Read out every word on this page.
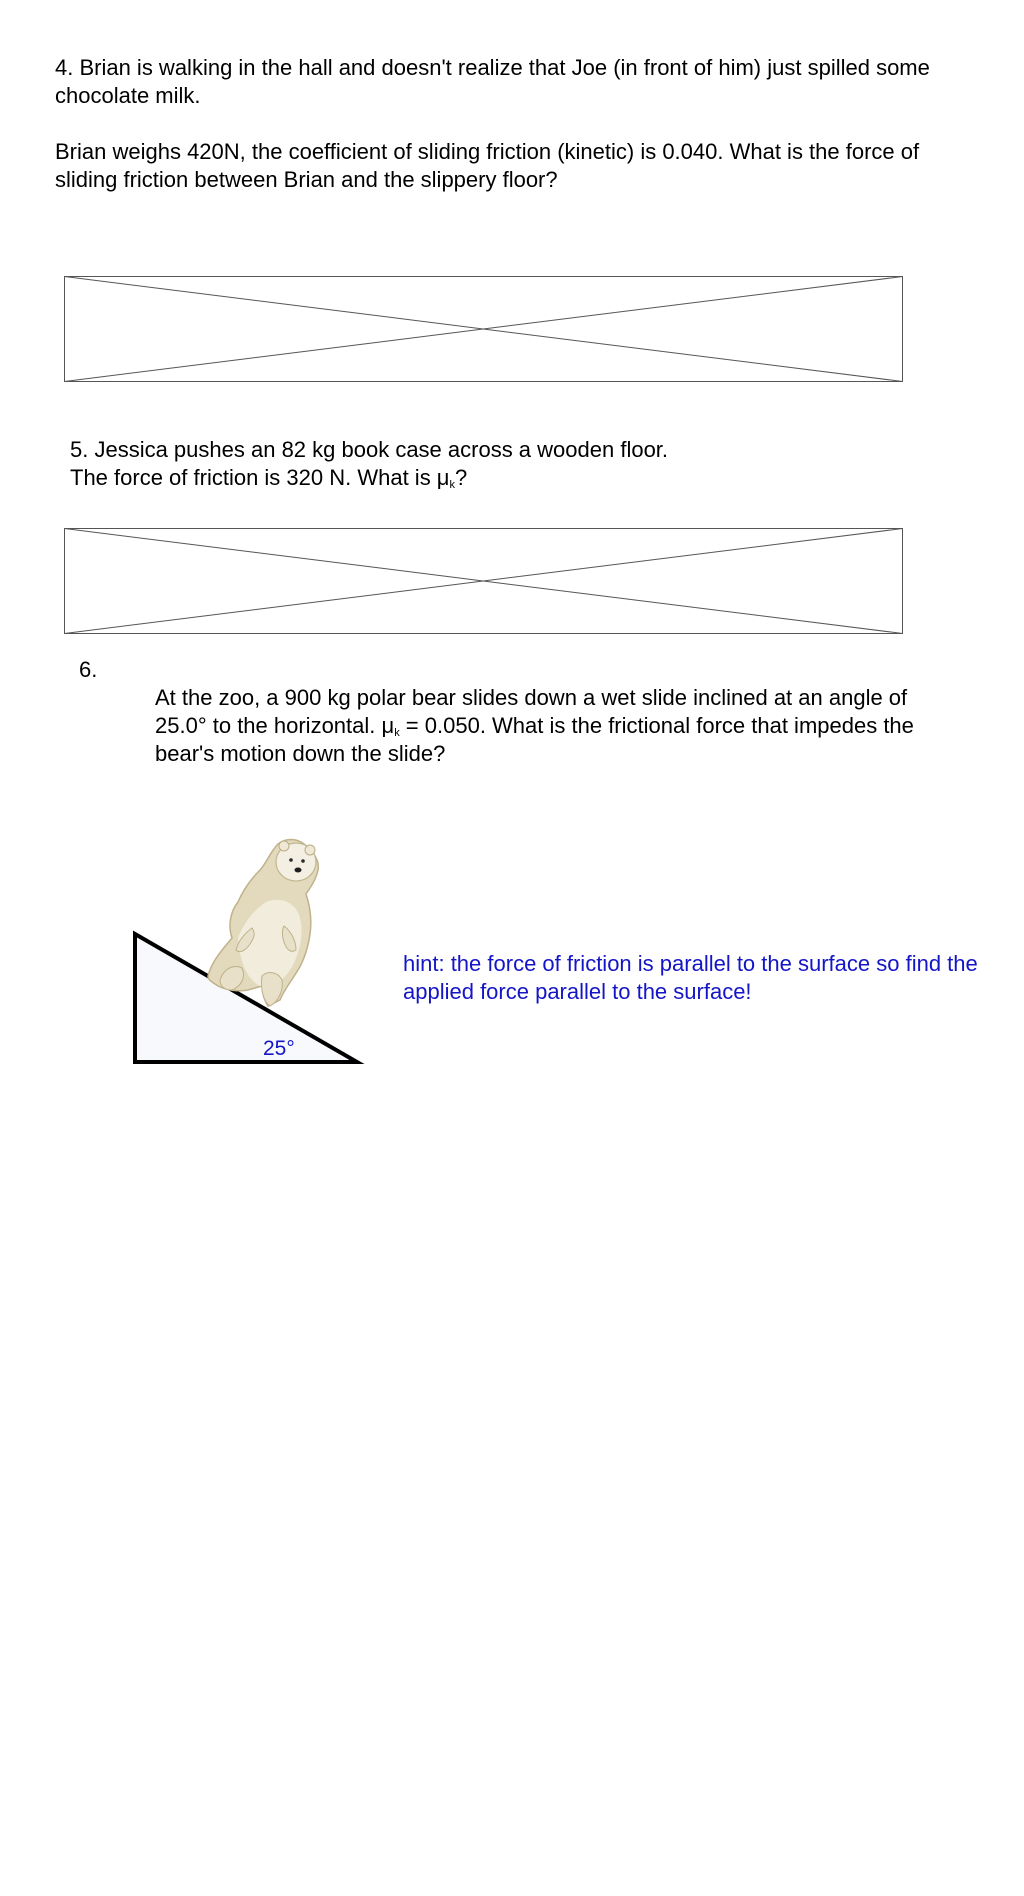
4. Brian is walking in the hall and doesn't realize that Joe (in front of him) just spilled some
chocolate milk.
Brian weighs 420N, the coefficient of sliding friction (kinetic) is 0.040. What is the force of
sliding friction between Brian and the slippery floor?
5. Jessica pushes an 82 kg book case across a wooden floor.
The force of friction is 320 N. What is $\mu_k$?
6.
At the zoo, a 900 kg polar bear slides down a wet slide inclined at an angle of
25.0° to the horizontal. $\mu_k = 0.050$. What is the frictional force that impedes the
bear's motion down the slide?
25°
hint: the force of friction is parallel to the surface so find the
applied force parallel to the surface!
